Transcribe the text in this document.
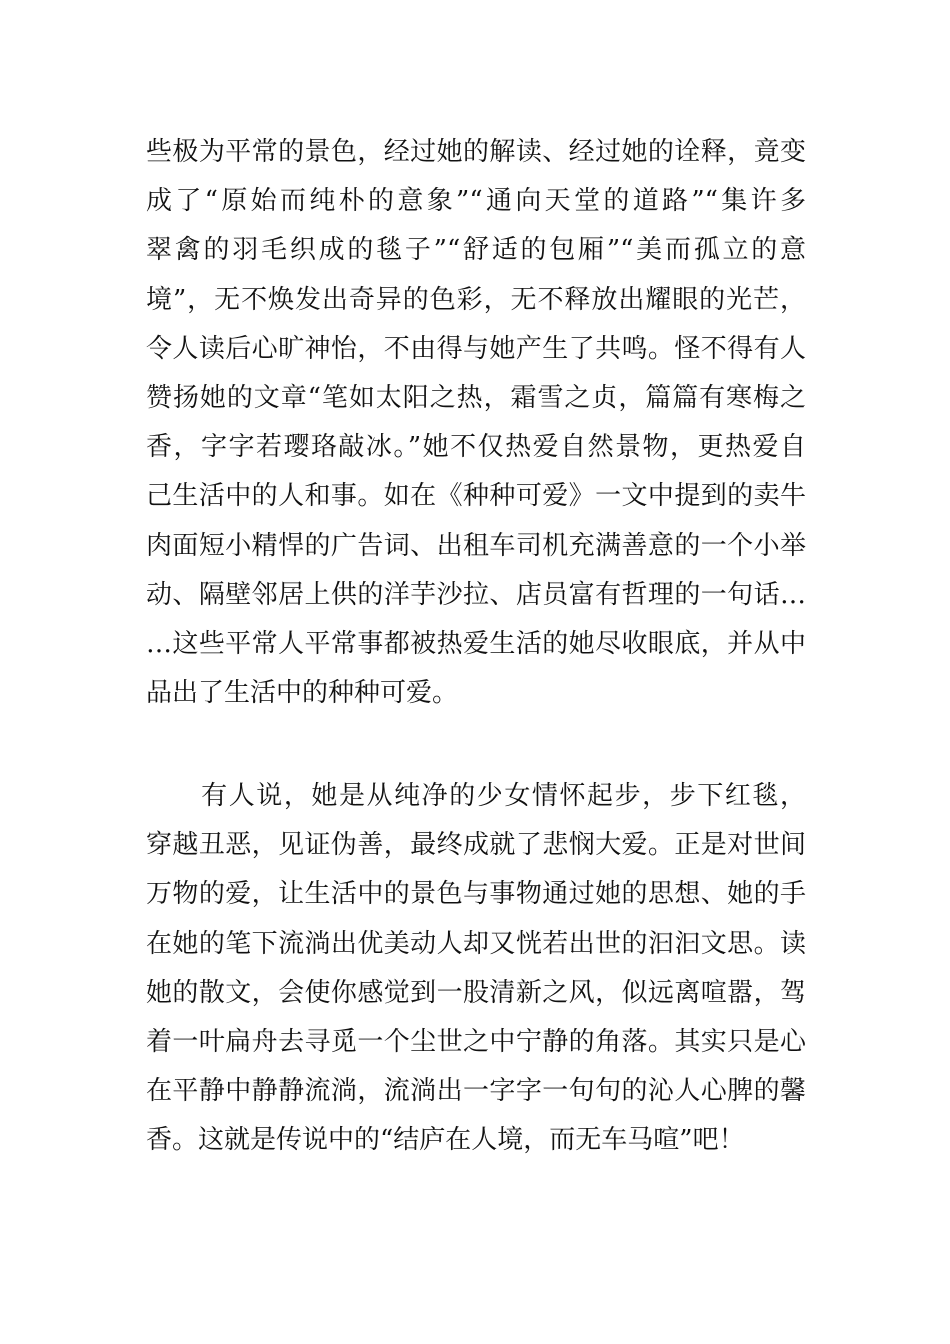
些极为平常的景色，经过她的解读、经过她的诠释，竟变
成了“原始而纯朴的意象”“通向天堂的道路”“集许多
翠禽的羽毛织成的毯子”“舒适的包厢”“美而孤立的意
境”，无不焕发出奇异的色彩，无不释放出耀眼的光芒，
令人读后心旷神怡，不由得与她产生了共鸣。怪不得有人
赞扬她的文章“笔如太阳之热，霜雪之贞，篇篇有寒梅之
香，字字若璎珞敲冰。”她不仅热爱自然景物，更热爱自
己生活中的人和事。如在《种种可爱》一文中提到的卖牛
肉面短小精悍的广告词、出租车司机充满善意的一个小举
动、隔壁邻居上供的洋芋沙拉、店员富有哲理的一句话…
…这些平常人平常事都被热爱生活的她尽收眼底，并从中
品出了生活中的种种可爱。
　　有人说，她是从纯净的少女情怀起步，步下红毯，
穿越丑恶，见证伪善，最终成就了悲悯大爱。正是对世间
万物的爱，让生活中的景色与事物通过她的思想、她的手
在她的笔下流淌出优美动人却又恍若出世的汩汩文思。读
她的散文，会使你感觉到一股清新之风，似远离喧嚣，驾
着一叶扁舟去寻觅一个尘世之中宁静的角落。其实只是心
在平静中静静流淌，流淌出一字字一句句的沁人心脾的馨
香。这就是传说中的“结庐在人境，而无车马喧”吧！
